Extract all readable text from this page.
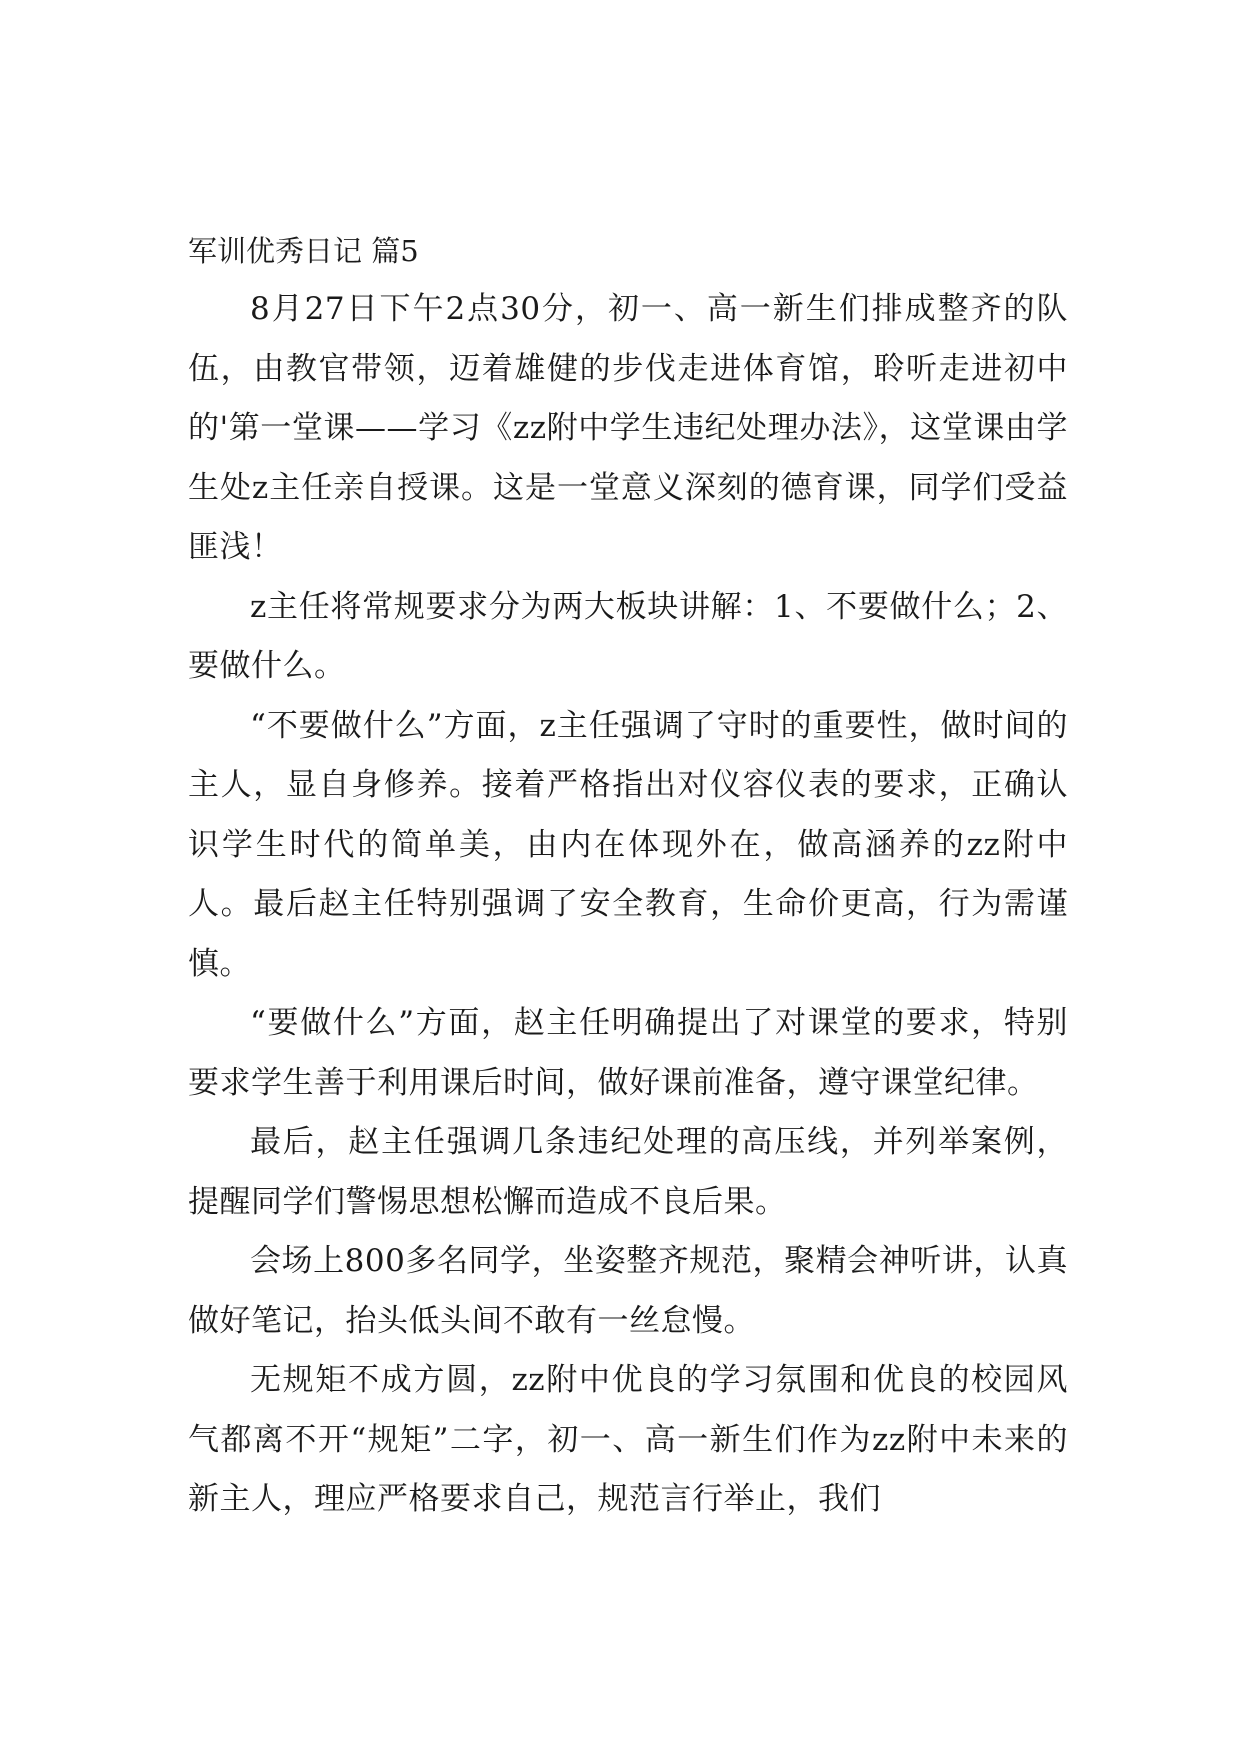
军训优秀日记 篇5

8月27日下午2点30分，初一、高一新生们排成整齐的队伍，由教官带领，迈着雄健的步伐走进体育馆，聆听走进初中的'第一堂课——学习《zz附中学生违纪处理办法》，这堂课由学生处z主任亲自授课。这是一堂意义深刻的德育课，同学们受益匪浅！

z主任将常规要求分为两大板块讲解：1、不要做什么；2、要做什么。

“不要做什么”方面，z主任强调了守时的重要性，做时间的主人，显自身修养。接着严格指出对仪容仪表的要求，正确认识学生时代的简单美，由内在体现外在，做高涵养的zz附中人。最后赵主任特别强调了安全教育，生命价更高，行为需谨慎。

“要做什么”方面，赵主任明确提出了对课堂的要求，特别要求学生善于利用课后时间，做好课前准备，遵守课堂纪律。

最后，赵主任强调几条违纪处理的高压线，并列举案例，提醒同学们警惕思想松懈而造成不良后果。

会场上800多名同学，坐姿整齐规范，聚精会神听讲，认真做好笔记，抬头低头间不敢有一丝怠慢。

无规矩不成方圆，zz附中优良的学习氛围和优良的校园风气都离不开“规矩”二字，初一、高一新生们作为zz附中未来的新主人，理应严格要求自己，规范言行举止，我们
